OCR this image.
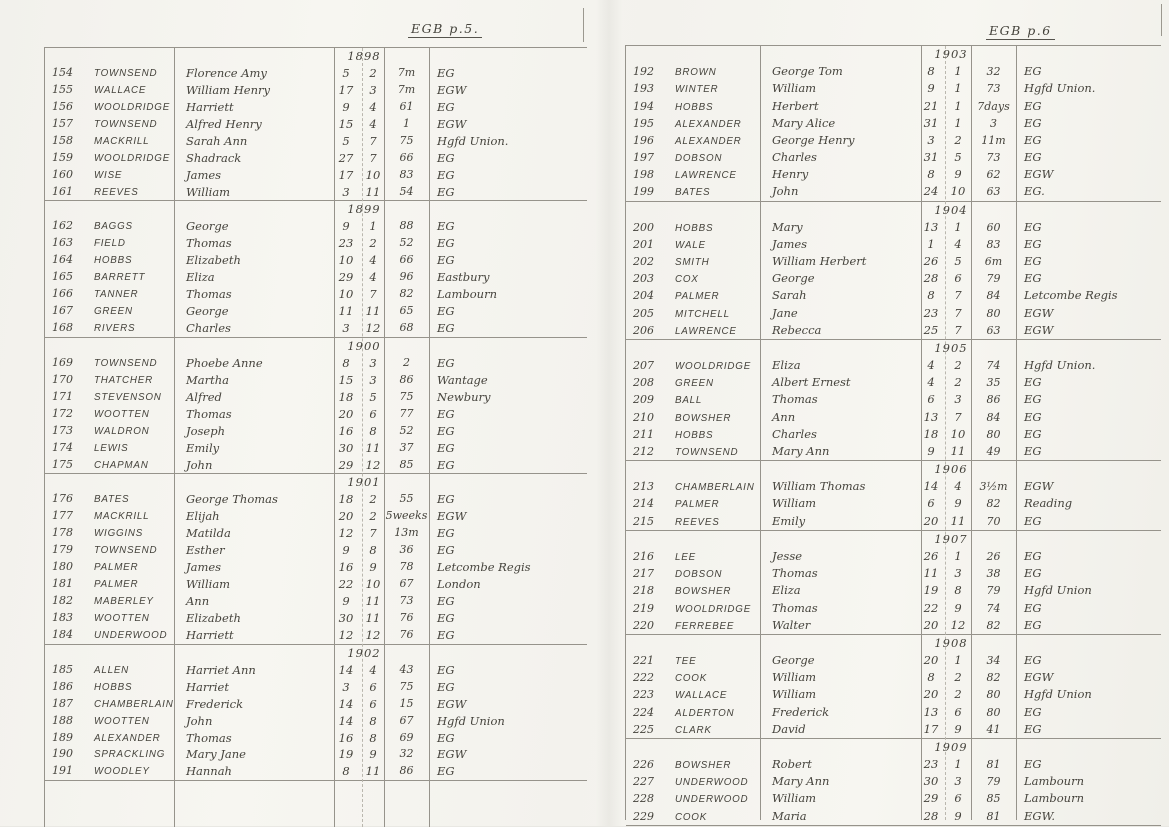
EGB p.5.	EGB p.6
1898
154 TOWNSEND Florence Amy	5	2	7m	EG
155 WALLACE	William Henry	17	3	7m	EGW
156 WOOLDRIDGE Harriett	9	4	61	EG
157 TOWNSEND Alfred Henry	15	4	1	EGW
158 MACKRILL	Sarah Ann	5	7	75	Hgfd Union.
159 WOOLDRIDGE Shadrack	27	7	66	EG
160 WISE	James	17	10	83	EG
161 REEVES	William	3	11	54	EG
1899
162 BAGGS	George	9	1	88	EG
163 FIELD	Thomas	23	2	52	EG
164 HOBBS	Elizabeth	10	4	66	EG
165 BARRETT	Eliza	29	4	96	Eastbury
166 TANNER	Thomas	10	7	82	Lambourn
167 GREEN	George	11	11	65	EG
168 RIVERS	Charles	3	12	68	EG
1900
169 TOWNSEND Phoebe Anne	8	3	2	EG
170 THATCHER	Martha	15	3	86	Wantage
171 STEVENSON Alfred	18	5	75	Newbury
172 WOOTTEN	Thomas	20	6	77	EG
173 WALDRON	Joseph	16	8	52	EG
174 LEWIS	Emily	30	11	37	EG
175 CHAPMAN	John	29	12	85	EG
1901
176 BATES	George Thomas	18	2	55	EG
177 MACKRILL	Elijah	20	2 5weeks EGW
178 WIGGINS	Matilda	12	7	13m	EG
179 TOWNSEND Esther	9	8	36	EG
180 PALMER	James	16	9	78	Letcombe Regis
181 PALMER	William	22	10	67	London
182 MABERLEY	Ann	9	11	73	EG
183 WOOTTEN	Elizabeth	30	11	76	EG
184 UNDERWOOD Harriett	12	12	76	EG
1902
185 ALLEN	Harriet Ann	14	4	43	EG
186 HOBBS	Harriet	3	6	75	EG
187 CHAMBERLAIN Frederick	14	6	15	EGW
188 WOOTTEN	John	14	8	67	Hgfd Union
189 ALEXANDER Thomas	16	8	69	EG
190 SPRACKLING Mary Jane	19	9	32	EGW
191 WOODLEY	Hannah	8	11	86	EG
1903
192 BROWN	George Tom	8	1	32	EG
193 WINTER	William	9	1	73	Hgfd Union.
194 HOBBS	Herbert	21	1	7days	EG
195 ALEXANDER	Mary Alice	31	1	3	EG
196 ALEXANDER	George Henry	3	2	11m	EG
197 DOBSON	Charles	31	5	73	EG
198 LAWRENCE	Henry	8	9	62	EGW
199 BATES	John	24	10	63	EG.
1904
200 HOBBS	Mary	13	1	60	EG
201 WALE	James	1	4	83	EG
202 SMITH	William Herbert	26	5	6m	EG
203 COX	George	28	6	79	EG
204 PALMER	Sarah	8	7	84	Letcombe Regis
205 MITCHELL	Jane	23	7	80	EGW
206 LAWRENCE	Rebecca	25	7	63	EGW
1905
207 WOOLDRIDGE Eliza	4	2	74	Hgfd Union.
208 GREEN	Albert Ernest	4	2	35	EG
209 BALL	Thomas	6	3	86	EG
210 BOWSHER	Ann	13	7	84	EG
211 HOBBS	Charles	18	10	80	EG
212 TOWNSEND	Mary Ann	9	11	49	EG
1906
213 CHAMBERLAIN William Thomas	14	4	3½m	EGW
214 PALMER	William	6	9	82	Reading
215 REEVES	Emily	20	11	70	EG
1907
216 LEE	Jesse	26	1	26	EG
217 DOBSON	Thomas	11	3	38	EG
218 BOWSHER	Eliza	19	8	79	Hgfd Union
219 WOOLDRIDGE Thomas	22	9	74	EG
220 FERREBEE	Walter	20	12	82	EG
1908
221 TEE	George	20	1	34	EG
222 COOK	William	8	2	82	EGW
223 WALLACE	William	20	2	80	Hgfd Union
224 ALDERTON	Frederick	13	6	80	EG
225 CLARK	David	17	9	41	EG
1909
226 BOWSHER	Robert	23	1	81	EG
227 UNDERWOOD Mary Ann	30	3	79	Lambourn
228 UNDERWOOD William	29	6	85	Lambourn
229 COOK	Maria	28	9	81	EGW.
